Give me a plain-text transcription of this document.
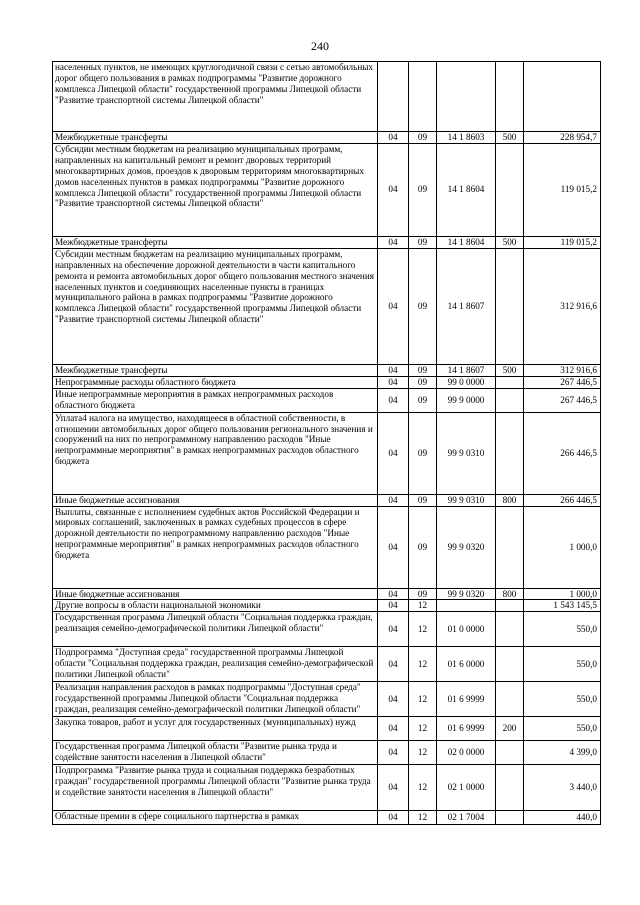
240
населенных пунктов, не имеющих круглогодичной связи с сетью автомобильных дорог общего пользования в рамках подпрограммы "Развитие дорожного комплекса Липецкой области" государственной программы Липецкой области "Развитие транспортной системы Липецкой области"					
Межбюджетные трансферты	04	09	14 1 8603	500	228 954,7
Субсидии местным бюджетам на реализацию муниципальных программ, направленных на капитальный ремонт и ремонт дворовых территорий многоквартирных домов, проездов к дворовым территориям многоквартирных домов населенных пунктов в рамках подпрограммы "Развитие дорожного комплекса Липецкой области" государственной программы Липецкой области "Развитие транспортной системы Липецкой области"	04	09	14 1 8604		119 015,2
Межбюджетные трансферты	04	09	14 1 8604	500	119 015,2
Субсидии местным бюджетам на реализацию муниципальных программ, направленных на обеспечение дорожной деятельности в части капитального ремонта и ремонта автомобильных дорог общего пользования местного значения населенных пунктов и соединяющих населенные пункты в границах муниципального района в рамках подпрограммы "Развитие дорожного комплекса Липецкой области" государственной программы Липецкой области "Развитие транспортной системы Липецкой области"	04	09	14 1 8607		312 916,6
Межбюджетные трансферты	04	09	14 1 8607	500	312 916,6
Непрограммные расходы областного бюджета	04	09	99 0 0000		267 446,5
Иные непрограммные мероприятия в рамках непрограммных расходов областного бюджета	04	09	99 9 0000		267 446,5
Уплата4 налога на имущество, находящееся в областной собственности, в отношении автомобильных дорог общего пользования регионального значения и сооружений на них по непрограммному направлению расходов "Иные непрограммные мероприятия" в рамках непрограммных расходов областного бюджета	04	09	99 9 0310		266 446,5
Иные бюджетные ассигнования	04	09	99 9 0310	800	266 446,5
Выплаты, связанные с исполнением судебных актов Российской Федерации и мировых соглашений, заключенных в рамках судебных процессов в сфере дорожной деятельности по непрограммному направлению расходов "Иные непрограммные мероприятия" в рамках непрограммных расходов областного бюджета	04	09	99 9 0320		1 000,0
Иные бюджетные ассигнования	04	09	99 9 0320	800	1 000,0
Другие вопросы в области национальной экономики	04	12			1 543 145,5
Государственная программа Липецкой области "Социальная поддержка граждан, реализация семейно-демографической политики Липецкой области"	04	12	01 0 0000		550,0
Подпрограмма "Доступная среда" государственной программы Липецкой области "Социальная поддержка граждан, реализация семейно-демографической политики Липецкой области"	04	12	01 6 0000		550,0
Реализация направления расходов в рамках подпрограммы "Доступная среда" государственной программы Липецкой области "Социальная поддержка граждан, реализация семейно-демографической политики Липецкой области"	04	12	01 6 9999		550,0
Закупка товаров, работ и услуг для государственных (муниципальных) нужд	04	12	01 6 9999	200	550,0
Государственная программа Липецкой области "Развитие рынка труда и содействие занятости населения в Липецкой области"	04	12	02 0 0000		4 399,0
Подпрограмма "Развитие рынка труда и социальная поддержка безработных граждан" государственной программы Липецкой области "Развитие рынка труда и содействие занятости населения в Липецкой области"	04	12	02 1 0000		3 440,0
Областные премии в сфере социального партнерства в рамках	04	12	02 1 7004		440,0
